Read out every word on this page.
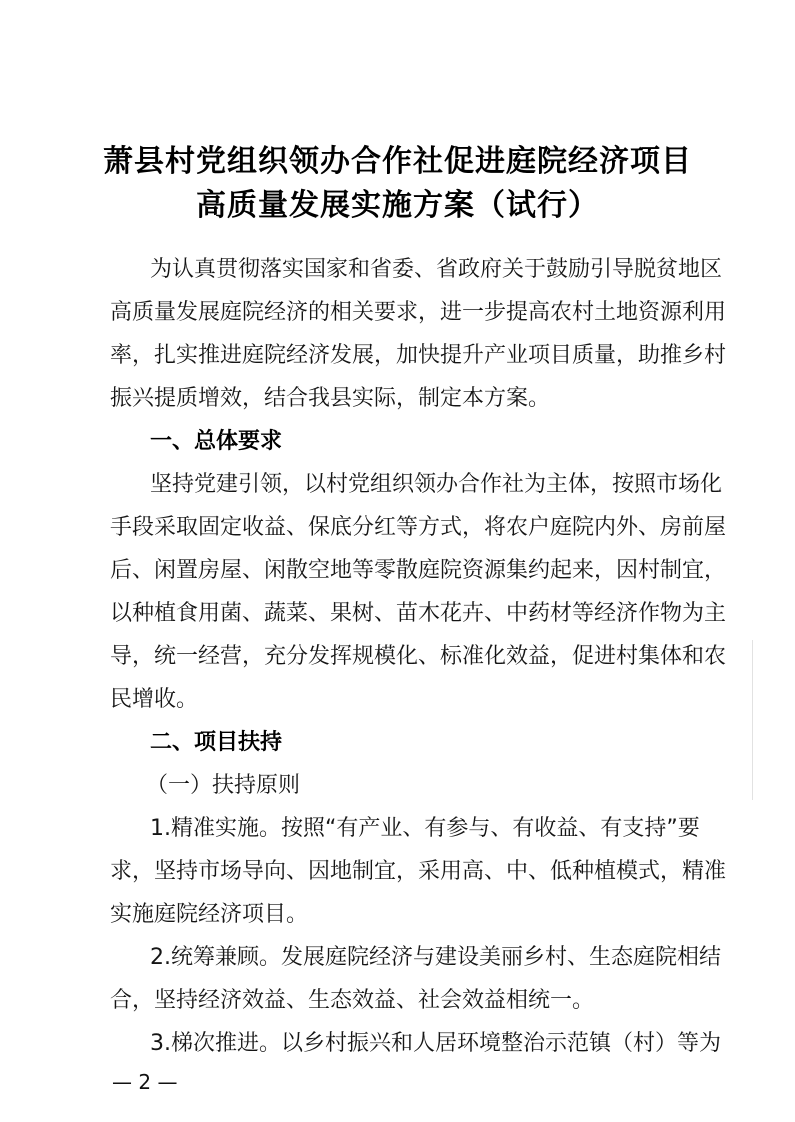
萧县村党组织领办合作社促进庭院经济项目
高质量发展实施方案（试行）
为认真贯彻落实国家和省委、省政府关于鼓励引导脱贫地区
高质量发展庭院经济的相关要求，进一步提高农村土地资源利用
率，扎实推进庭院经济发展，加快提升产业项目质量，助推乡村
振兴提质增效，结合我县实际，制定本方案。
一、总体要求
坚持党建引领，以村党组织领办合作社为主体，按照市场化
手段采取固定收益、保底分红等方式，将农户庭院内外、房前屋
后、闲置房屋、闲散空地等零散庭院资源集约起来，因村制宜，
以种植食用菌、蔬菜、果树、苗木花卉、中药材等经济作物为主
导，统一经营，充分发挥规模化、标准化效益，促进村集体和农
民增收。
二、项目扶持
（一）扶持原则
1.精准实施。按照“有产业、有参与、有收益、有支持”要
求，坚持市场导向、因地制宜，采用高、中、低种植模式，精准
实施庭院经济项目。
2.统筹兼顾。发展庭院经济与建设美丽乡村、生态庭院相结
合，坚持经济效益、生态效益、社会效益相统一。
3.梯次推进。以乡村振兴和人居环境整治示范镇（村）等为
— 2 —
